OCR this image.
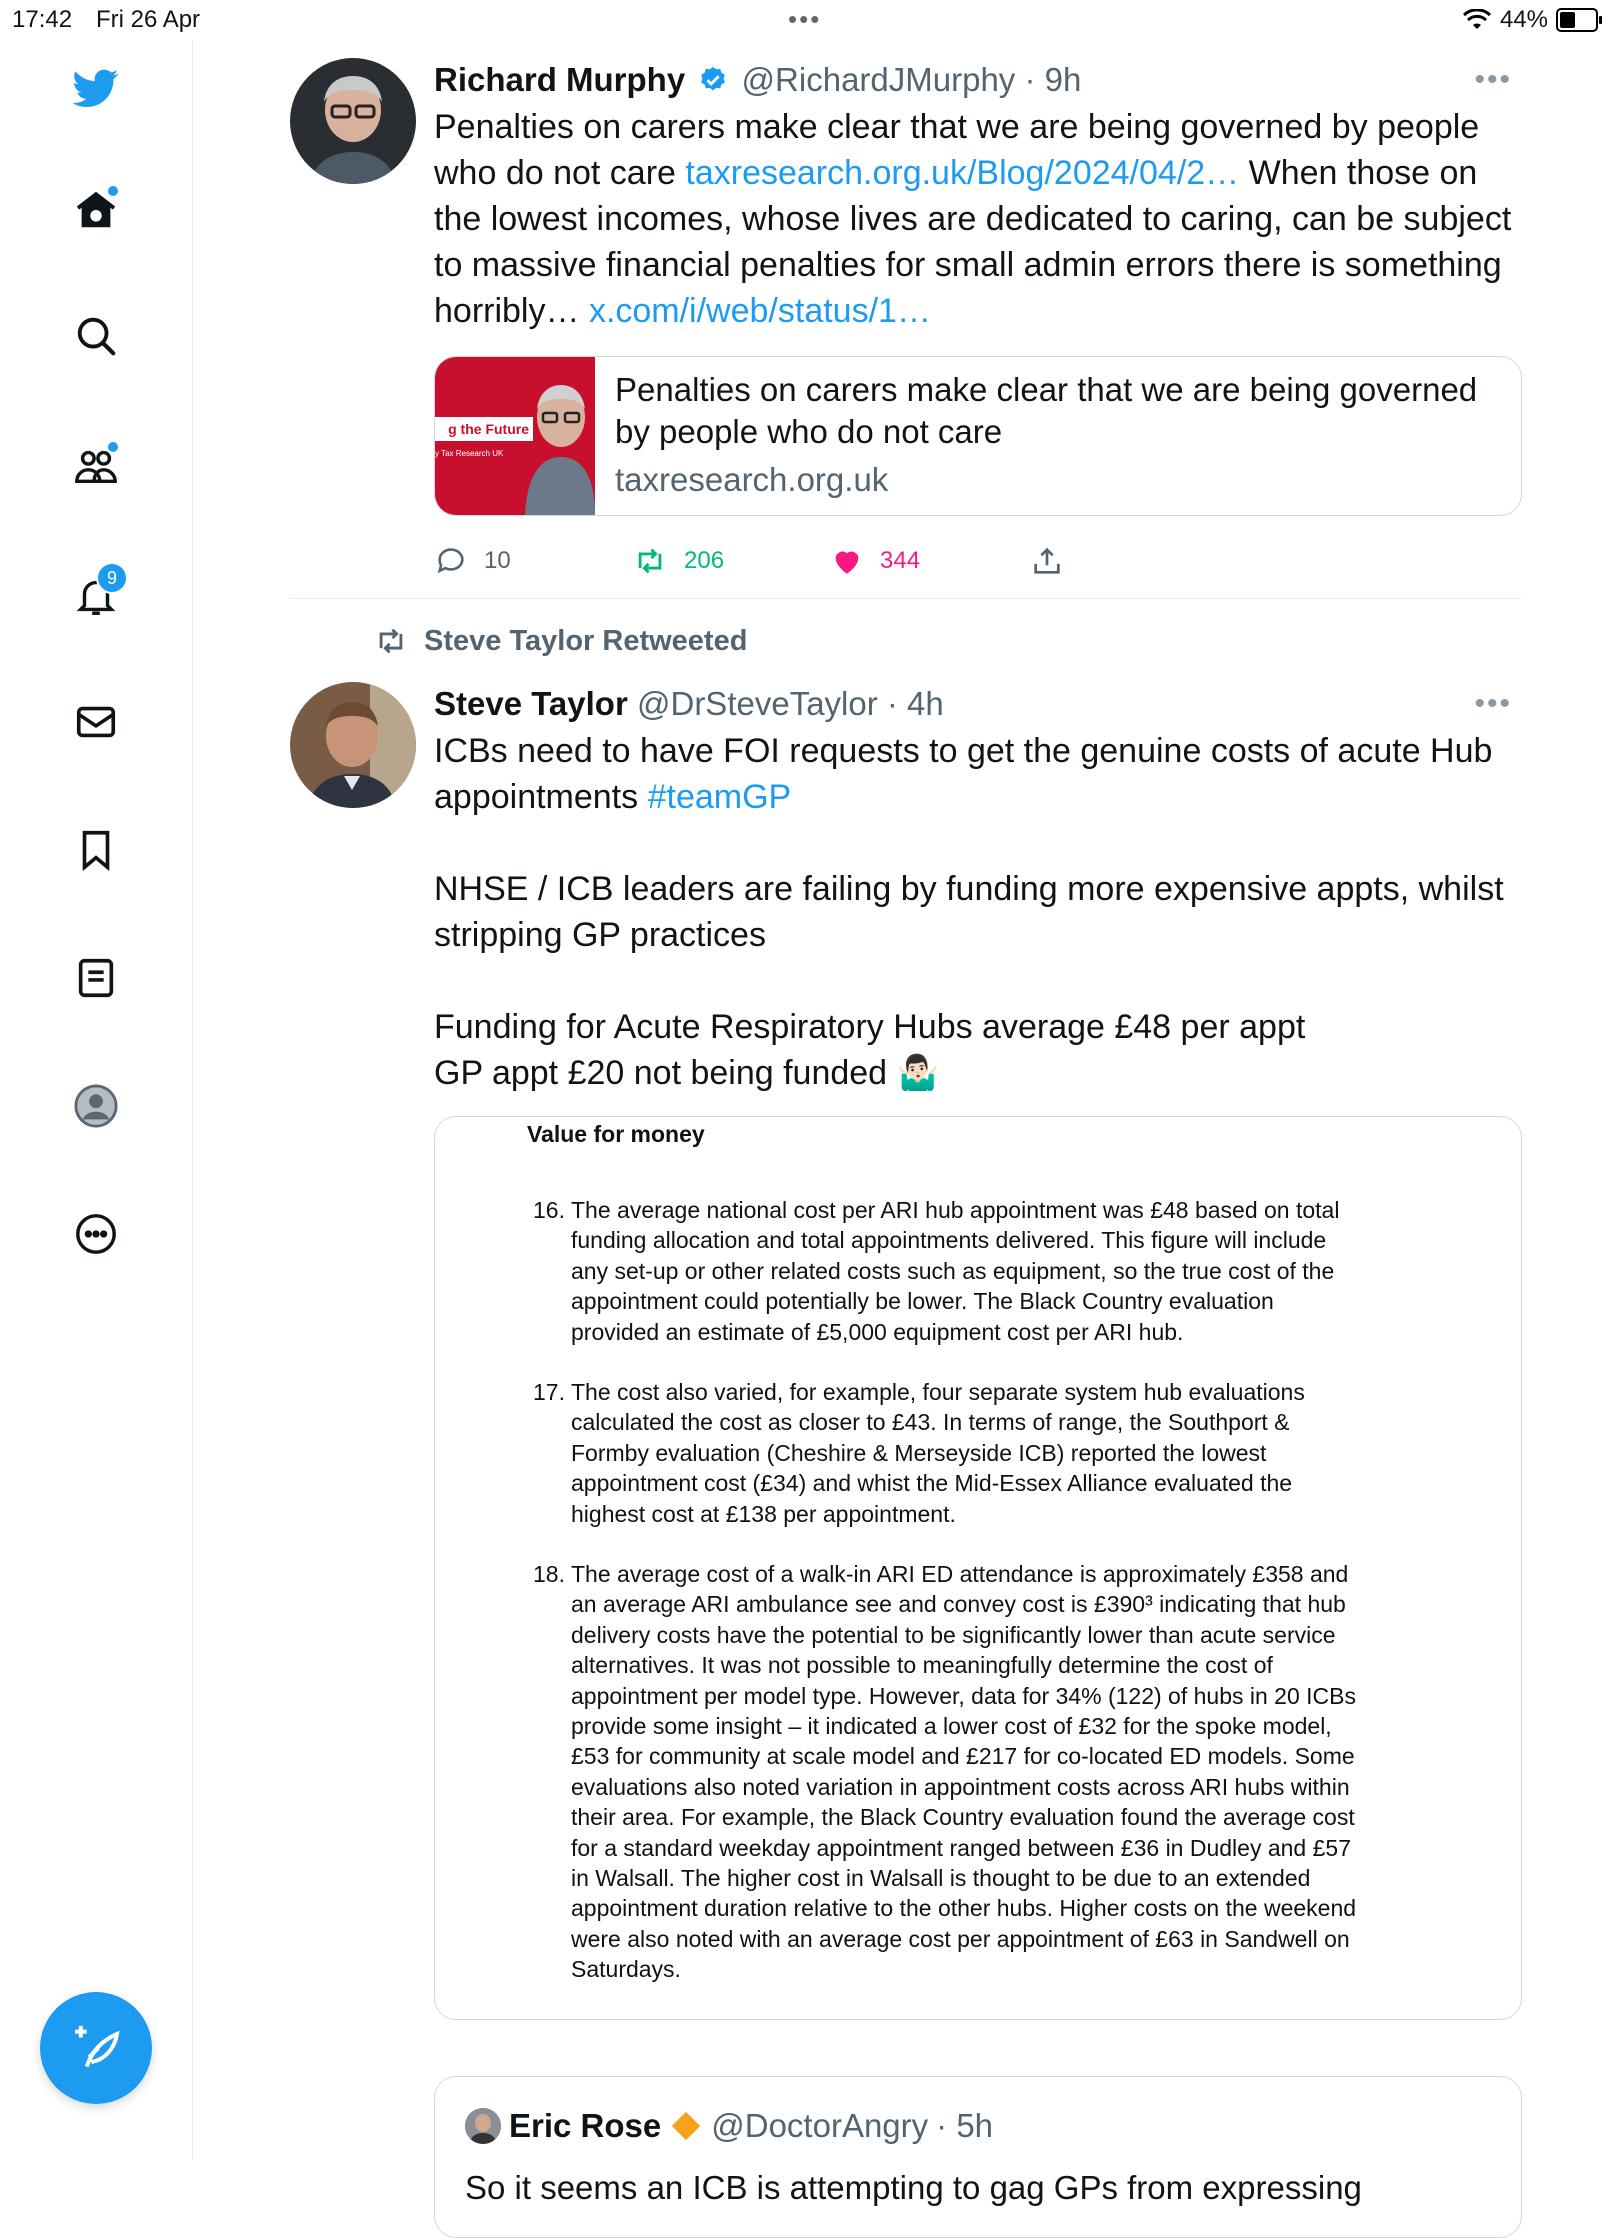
17:42 Fri 26 Apr	•••	44%
9
Richard Murphy @RichardJMurphy · 9h	•••
Penalties on carers make clear that we are being governed by people who do not care taxresearch.org.uk/Blog/2024/04/2… When those on the lowest incomes, whose lives are dedicated to caring, can be subject to massive financial penalties for small admin errors there is something horribly… x.com/i/web/status/1…
g the Future
y Tax Research UK
Penalties on carers make clear that we are being governed by people who do not care
taxresearch.org.uk
10	206	344
Steve Taylor Retweeted
Steve Taylor @DrSteveTaylor · 4h	•••
ICBs need to have FOI requests to get the genuine costs of acute Hub appointments #teamGP
NHSE / ICB leaders are failing by funding more expensive appts, whilst stripping GP practices
Funding for Acute Respiratory Hubs average £48 per appt
GP appt £20 not being funded 🤷🏻‍♂️
Value for money
16. The average national cost per ARI hub appointment was £48 based on total
funding allocation and total appointments delivered. This figure will include
any set-up or other related costs such as equipment, so the true cost of the
appointment could potentially be lower. The Black Country evaluation
provided an estimate of £5,000 equipment cost per ARI hub.
17. The cost also varied, for example, four separate system hub evaluations
calculated the cost as closer to £43. In terms of range, the Southport &
Formby evaluation (Cheshire & Merseyside ICB) reported the lowest
appointment cost (£34) and whist the Mid-Essex Alliance evaluated the
highest cost at £138 per appointment.
18. The average cost of a walk-in ARI ED attendance is approximately £358 and
an average ARI ambulance see and convey cost is £390³ indicating that hub
delivery costs have the potential to be significantly lower than acute service
alternatives. It was not possible to meaningfully determine the cost of
appointment per model type. However, data for 34% (122) of hubs in 20 ICBs
provide some insight – it indicated a lower cost of £32 for the spoke model,
£53 for community at scale model and £217 for co-located ED models. Some
evaluations also noted variation in appointment costs across ARI hubs within
their area. For example, the Black Country evaluation found the average cost
for a standard weekday appointment ranged between £36 in Dudley and £57
in Walsall. The higher cost in Walsall is thought to be due to an extended
appointment duration relative to the other hubs. Higher costs on the weekend
were also noted with an average cost per appointment of £63 in Sandwell on
Saturdays.
Eric Rose @DoctorAngry · 5h
So it seems an ICB is attempting to gag GPs from expressing
